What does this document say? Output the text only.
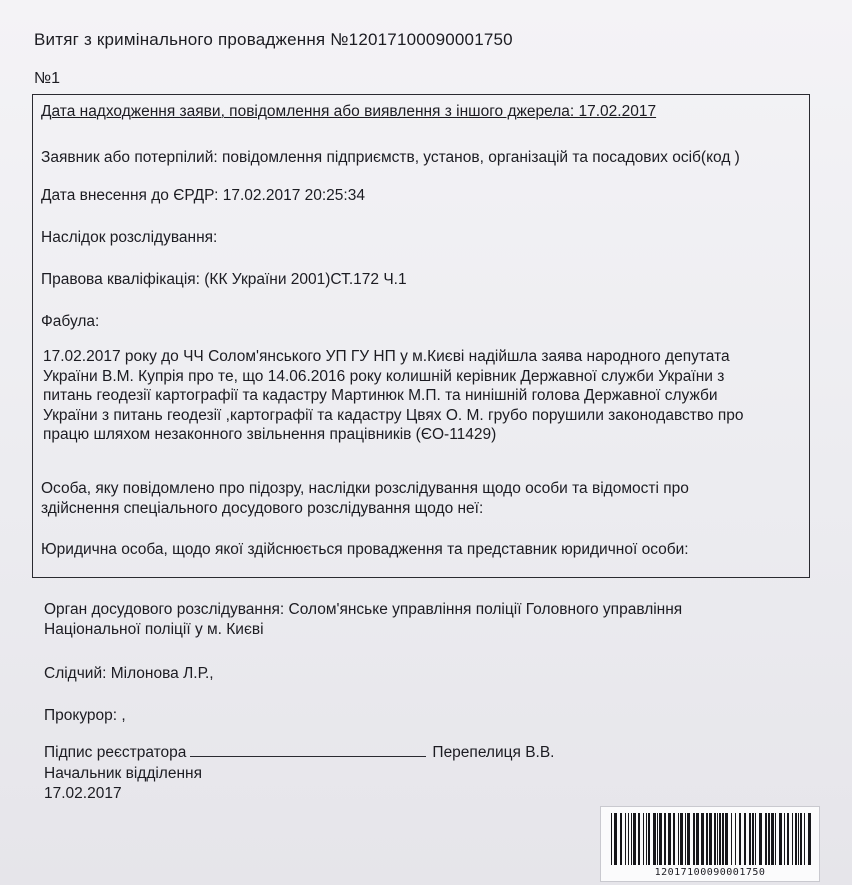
Витяг з кримінального провадження №12017100090001750
№1
Дата надходження заяви, повідомлення або виявлення з іншого джерела: 17.02.2017
Заявник або потерпілий: повідомлення підприємств, установ, організацій та посадових осіб(код )
Дата внесення до ЄРДР: 17.02.2017 20:25:34
Наслідок розслідування:
Правова кваліфікація: (КК України 2001)СТ.172 Ч.1
Фабула:
17.02.2017 року до ЧЧ Солом'янського УП ГУ НП у м.Києві надійшла заява народного депутата
України В.М. Купрія про те, що 14.06.2016 року колишній керівник Державної служби України з
питань геодезії картографії та кадастру Мартинюк М.П. та нинішній голова Державної служби
України з питань геодезії ,картографії та кадастру Цвях О. М. грубо порушили законодавство про
працю шляхом незаконного звільнення працівників (ЄО-11429)
Особа, яку повідомлено про підозру, наслідки розслідування щодо особи та відомості про
здійснення спеціального досудового розслідування щодо неї:
Юридична особа, щодо якої здійснюється провадження та представник юридичної особи:
Орган досудового розслідування: Солом'янське управління поліції Головного управління
Національної поліції у м. Києві
Слідчий: Мілонова Л.Р.,
Прокурор: ,
Підпис реєстратора	Перепелиця В.В.
Начальник відділення
17.02.2017
12017100090001750
